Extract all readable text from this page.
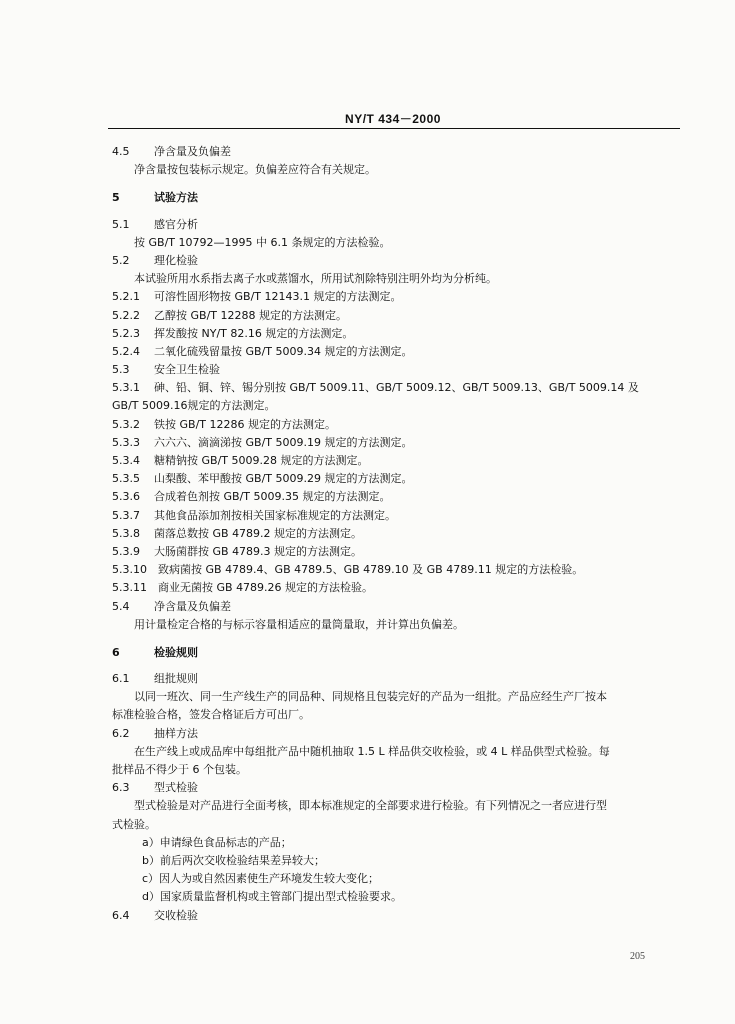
NY/T 434－2000
4.5 净含量及负偏差
净含量按包装标示规定。负偏差应符合有关规定。
5	试验方法
5.1 感官分析
按 GB/T 10792—1995 中 6.1 条规定的方法检验。
5.2 理化检验
本试验所用水系指去离子水或蒸馏水，所用试剂除特别注明外均为分析纯。
5.2.1 可溶性固形物按 GB/T 12143.1 规定的方法测定。
5.2.2 乙醇按 GB/T 12288 规定的方法测定。
5.2.3 挥发酸按 NY/T 82.16 规定的方法测定。
5.2.4 二氧化硫残留量按 GB/T 5009.34 规定的方法测定。
5.3 安全卫生检验
5.3.1 砷、铅、铜、锌、锡分别按 GB/T 5009.11、GB/T 5009.12、GB/T 5009.13、GB/T 5009.14 及
GB/T 5009.16规定的方法测定。
5.3.2 铁按 GB/T 12286 规定的方法测定。
5.3.3 六六六、滴滴涕按 GB/T 5009.19 规定的方法测定。
5.3.4 糖精钠按 GB/T 5009.28 规定的方法测定。
5.3.5 山梨酸、苯甲酸按 GB/T 5009.29 规定的方法测定。
5.3.6 合成着色剂按 GB/T 5009.35 规定的方法测定。
5.3.7 其他食品添加剂按相关国家标准规定的方法测定。
5.3.8 菌落总数按 GB 4789.2 规定的方法测定。
5.3.9 大肠菌群按 GB 4789.3 规定的方法测定。
5.3.10 致病菌按 GB 4789.4、GB 4789.5、GB 4789.10 及 GB 4789.11 规定的方法检验。
5.3.11 商业无菌按 GB 4789.26 规定的方法检验。
5.4 净含量及负偏差
用计量检定合格的与标示容量相适应的量筒量取，并计算出负偏差。
6	检验规则
6.1 组批规则
以同一班次、同一生产线生产的同品种、同规格且包装完好的产品为一组批。产品应经生产厂按本
标准检验合格，签发合格证后方可出厂。
6.2 抽样方法
在生产线上或成品库中每组批产品中随机抽取 1.5 L 样品供交收检验，或 4 L 样品供型式检验。每
批样品不得少于 6 个包装。
6.3 型式检验
型式检验是对产品进行全面考核，即本标准规定的全部要求进行检验。有下列情况之一者应进行型
式检验。
a）申请绿色食品标志的产品；
b）前后两次交收检验结果差异较大；
c）因人为或自然因素使生产环境发生较大变化；
d）国家质量监督机构或主管部门提出型式检验要求。
6.4 交收检验
205
